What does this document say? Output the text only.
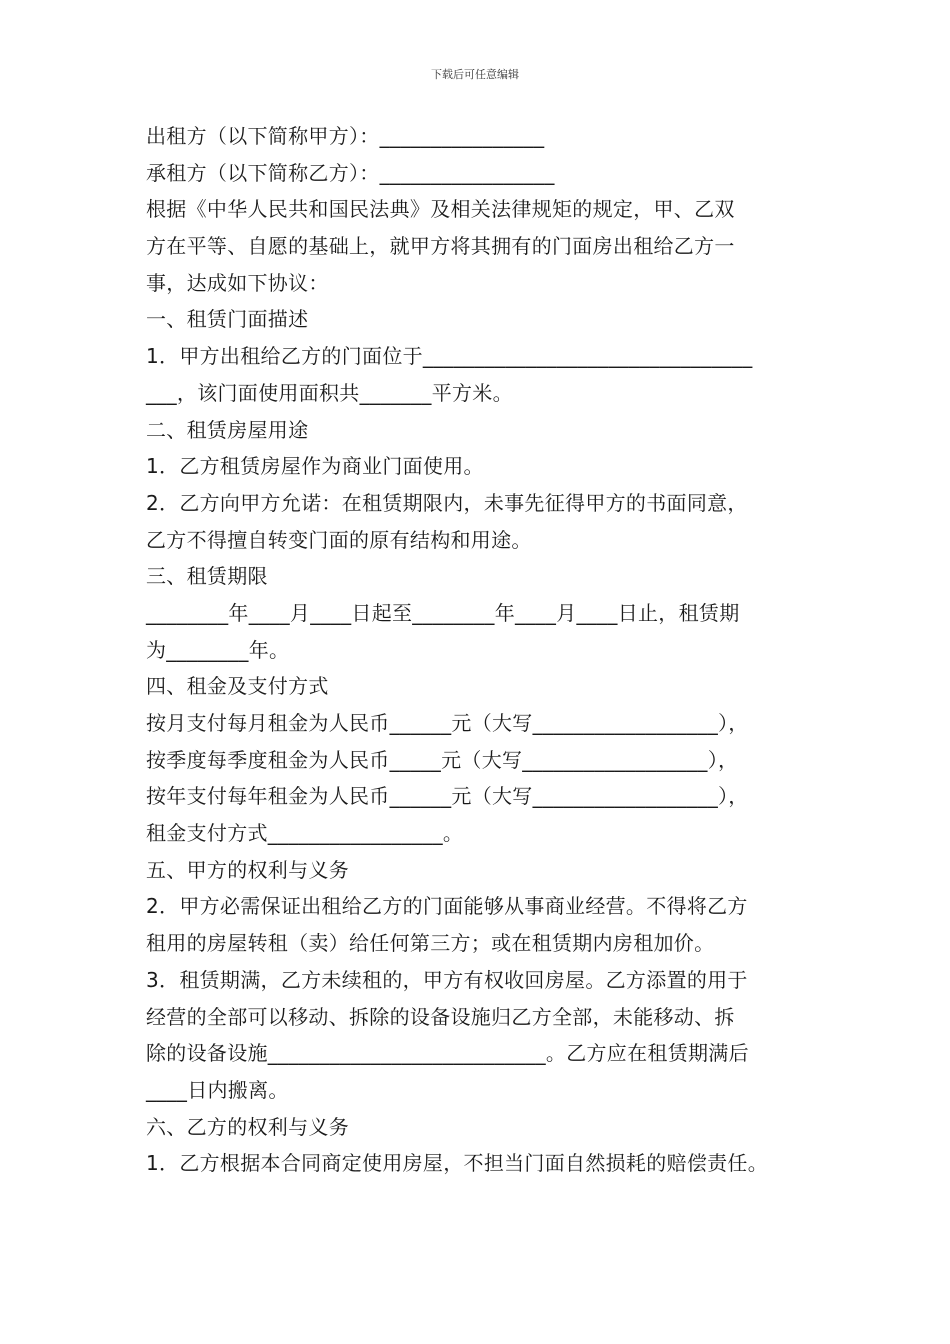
下载后可任意编辑
出租方（以下简称甲方）：________________
承租方（以下简称乙方）：_________________
根据《中华人民共和国民法典》及相关法律规矩的规定，甲、乙双
方在平等、自愿的基础上，就甲方将其拥有的门面房出租给乙方一
事，达成如下协议：
一、租赁门面描述
1．甲方出租给乙方的门面位于________________________________
___，该门面使用面积共_______平方米。
二、租赁房屋用途
1．乙方租赁房屋作为商业门面使用。
2．乙方向甲方允诺：在租赁期限内，未事先征得甲方的书面同意，
乙方不得擅自转变门面的原有结构和用途。
三、租赁期限
________年____月____日起至________年____月____日止，租赁期
为________年。
四、租金及支付方式
按月支付每月租金为人民币______元（大写__________________），
按季度每季度租金为人民币_____元（大写__________________），
按年支付每年租金为人民币______元（大写__________________），
租金支付方式_________________。
五、甲方的权利与义务
2．甲方必需保证出租给乙方的门面能够从事商业经营。不得将乙方
租用的房屋转租（卖）给任何第三方；或在租赁期内房租加价。
3．租赁期满，乙方未续租的，甲方有权收回房屋。乙方添置的用于
经营的全部可以移动、拆除的设备设施归乙方全部，未能移动、拆
除的设备设施___________________________。乙方应在租赁期满后
____日内搬离。
六、乙方的权利与义务
1．乙方根据本合同商定使用房屋，不担当门面自然损耗的赔偿责任。
